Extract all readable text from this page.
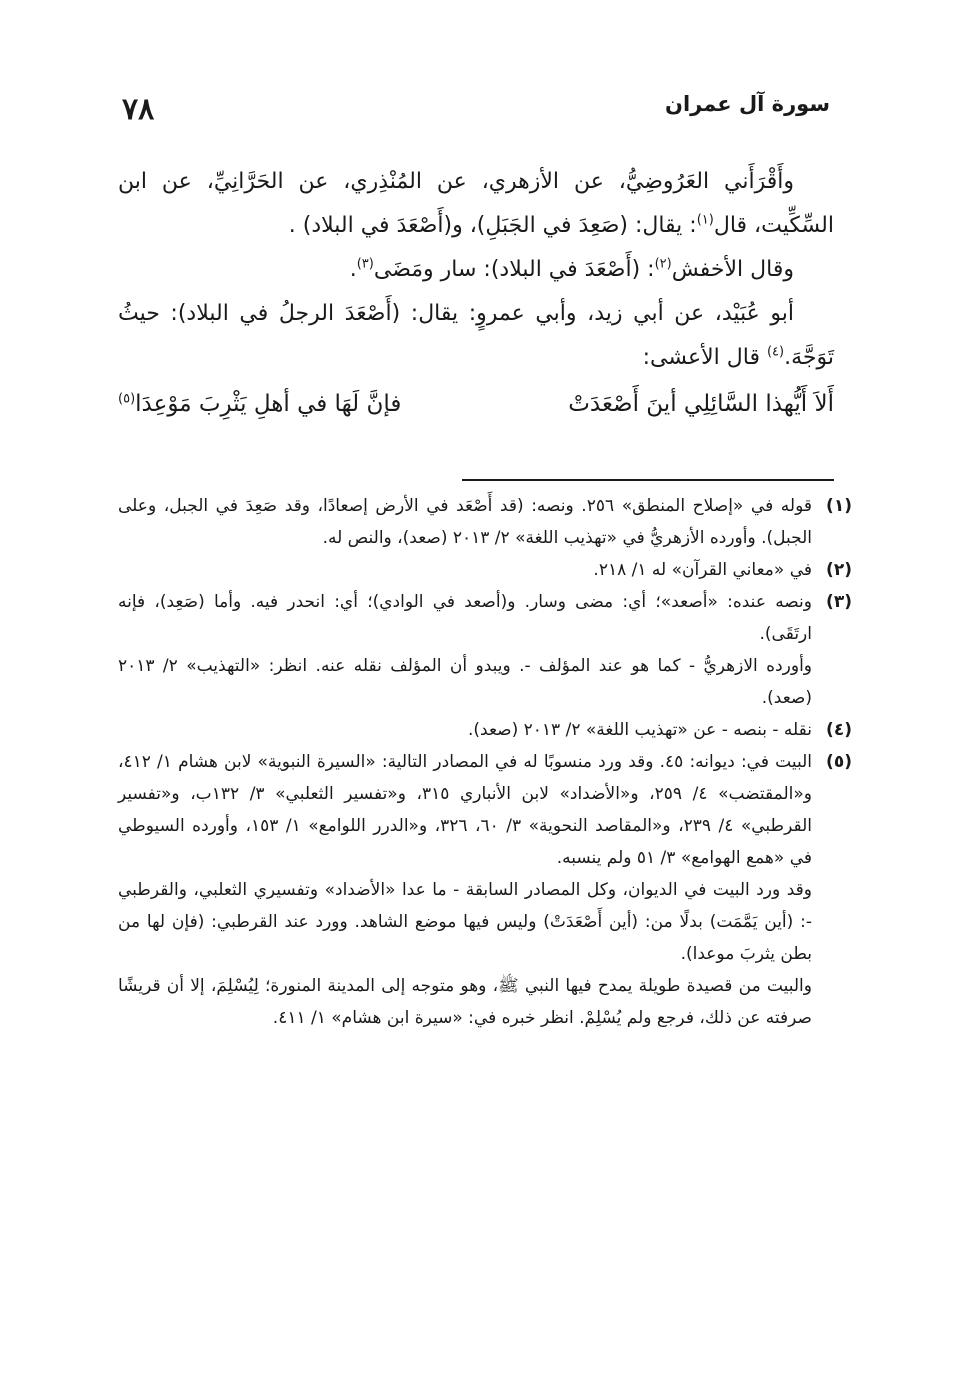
٧٨	سورة آل عمران

وأَقْرَأَني العَرُوضِيُّ، عن الأزهري، عن المُنْذِري، عن الحَرَّانِيِّ، عن ابن السِّكِّيت، قال$^{(١)}$: يقال: (صَعِدَ في الجَبَلِ)، و(أَصْعَدَ في البلاد) .

وقال الأخفش$^{(٢)}$: (أَصْعَدَ في البلاد): سار ومَضَى$^{(٣)}$.

أبو عُبَيْد، عن أبي زيد، وأبي عمروٍ: يقال: (أَصْعَدَ الرجلُ في البلاد): حيثُ تَوَجَّهَ.$^{(٤)}$ قال الأعشى:

أَلاَ أَيُّهذا السَّائِلِي أينَ أَصْعَدَتْ
فإنَّ لَهَا في أهلِ يَثْرِبَ مَوْعِدَا$^{(٥)}$
(١)

قوله في «إصلاح المنطق» ٢٥٦. ونصه: (قد أَصْعَد في الأرض إصعادًا، وقد صَعِدَ في الجبل، وعلى الجبل). وأورده الأزهريُّ في «تهذيب اللغة» ٢/ ٢٠١٣ (صعد)، والنص له.

(٢)

في «معاني القرآن» له ١/ ٢١٨.

(٣)

ونصه عنده: «أصعد»؛ أي: مضى وسار. و(أصعد في الوادي)؛ أي: انحدر فيه. وأما (صَعِد)، فإنه ارتَقَى).

وأورده الازهريُّ - كما هو عند المؤلف -. ويبدو أن المؤلف نقله عنه. انظر: «التهذيب» ٢/ ٢٠١٣ (صعد).

(٤)

نقله - بنصه - عن «تهذيب اللغة» ٢/ ٢٠١٣ (صعد).

(٥)

البيت في: ديوانه: ٤٥. وقد ورد منسوبًا له في المصادر التالية: «السيرة النبوية» لابن هشام ١/ ٤١٢، و«المقتضب» ٤/ ٢٥٩، و«الأضداد» لابن الأنباري ٣١٥، و«تفسير الثعلبي» ٣/ ١٣٢ب، و«تفسير القرطبي» ٤/ ٢٣٩، و«المقاصد النحوية» ٣/ ٦٠، ٣٢٦، و«الدرر اللوامع» ١/ ١٥٣، وأورده السيوطي في «همع الهوامع» ٣/ ٥١ ولم ينسبه.

وقد ورد البيت في الديوان، وكل المصادر السابقة - ما عدا «الأضداد» وتفسيري الثعلبي، والقرطبي -: (أين يَمَّمَت) بدلًا من: (أين أَصْعَدَتْ) وليس فيها موضع الشاهد. وورد عند القرطبي: (فإن لها من بطن يثربَ موعدا).

والبيت من قصيدة طويلة يمدح فيها النبي ﷺ، وهو متوجه إلى المدينة المنورة؛ لِيُسْلِمَ، إلا أن قريشًا صرفته عن ذلك، فرجع ولم يُسْلِمْ. انظر خبره في: «سيرة ابن هشام» ١/ ٤١١.
